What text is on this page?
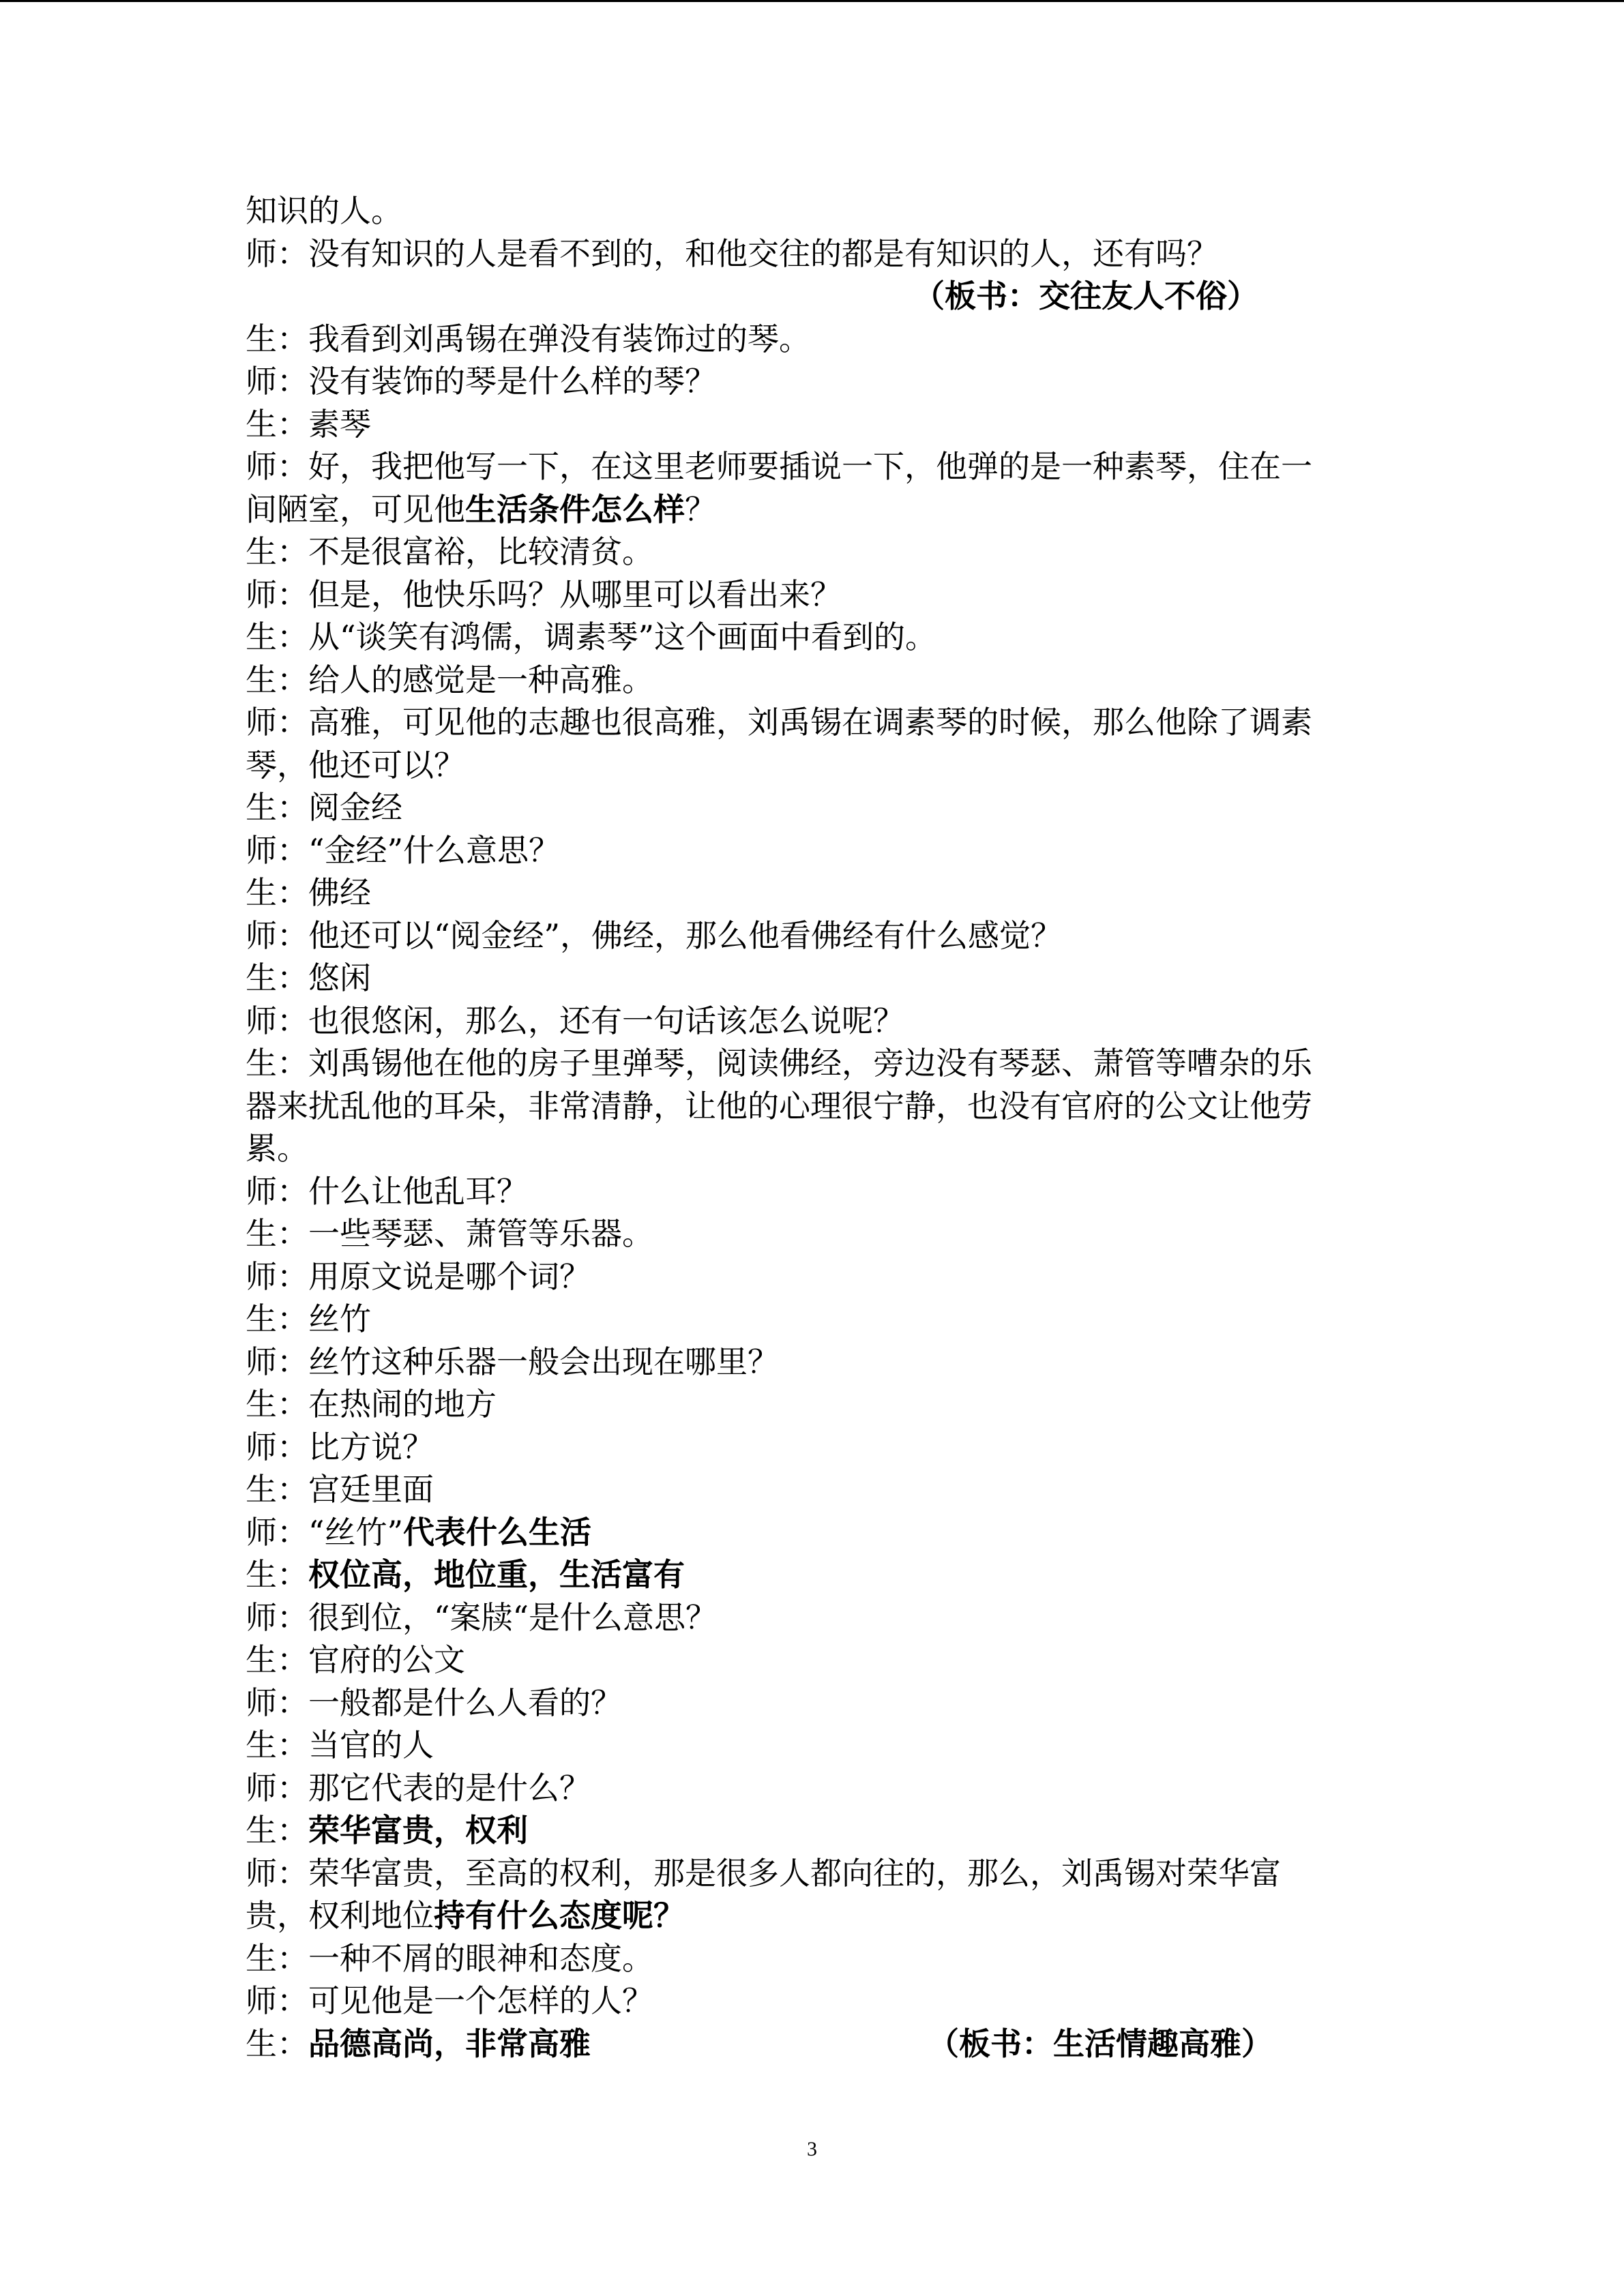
知识的人。
师：没有知识的人是看不到的，和他交往的都是有知识的人，还有吗？
（板书：交往友人不俗）
生：我看到刘禹锡在弹没有装饰过的琴。
师：没有装饰的琴是什么样的琴？
生：素琴
师：好，我把他写一下，在这里老师要插说一下，他弹的是一种素琴，住在一
间陋室，可见他生活条件怎么样？
生：不是很富裕，比较清贫。
师：但是，他快乐吗？从哪里可以看出来？
生：从“谈笑有鸿儒，调素琴”这个画面中看到的。
生：给人的感觉是一种高雅。
师：高雅，可见他的志趣也很高雅，刘禹锡在调素琴的时候，那么他除了调素
琴，他还可以？
生：阅金经
师：“金经”什么意思？
生：佛经
师：他还可以“阅金经”，佛经，那么他看佛经有什么感觉？
生：悠闲
师：也很悠闲，那么，还有一句话该怎么说呢？
生：刘禹锡他在他的房子里弹琴，阅读佛经，旁边没有琴瑟、萧管等嘈杂的乐
器来扰乱他的耳朵，非常清静，让他的心理很宁静，也没有官府的公文让他劳
累。
师：什么让他乱耳？
生：一些琴瑟、萧管等乐器。
师：用原文说是哪个词？
生：丝竹
师：丝竹这种乐器一般会出现在哪里？
生：在热闹的地方
师：比方说？
生：宫廷里面
师：“丝竹”代表什么生活
生：权位高，地位重，生活富有
师：很到位，“案牍“是什么意思？
生：官府的公文
师：一般都是什么人看的？
生：当官的人
师：那它代表的是什么？
生：荣华富贵，权利
师：荣华富贵，至高的权利，那是很多人都向往的，那么，刘禹锡对荣华富
贵，权利地位持有什么态度呢？
生：一种不屑的眼神和态度。
师：可见他是一个怎样的人？
生：品德高尚，非常高雅	（板书：生活情趣高雅）
3
